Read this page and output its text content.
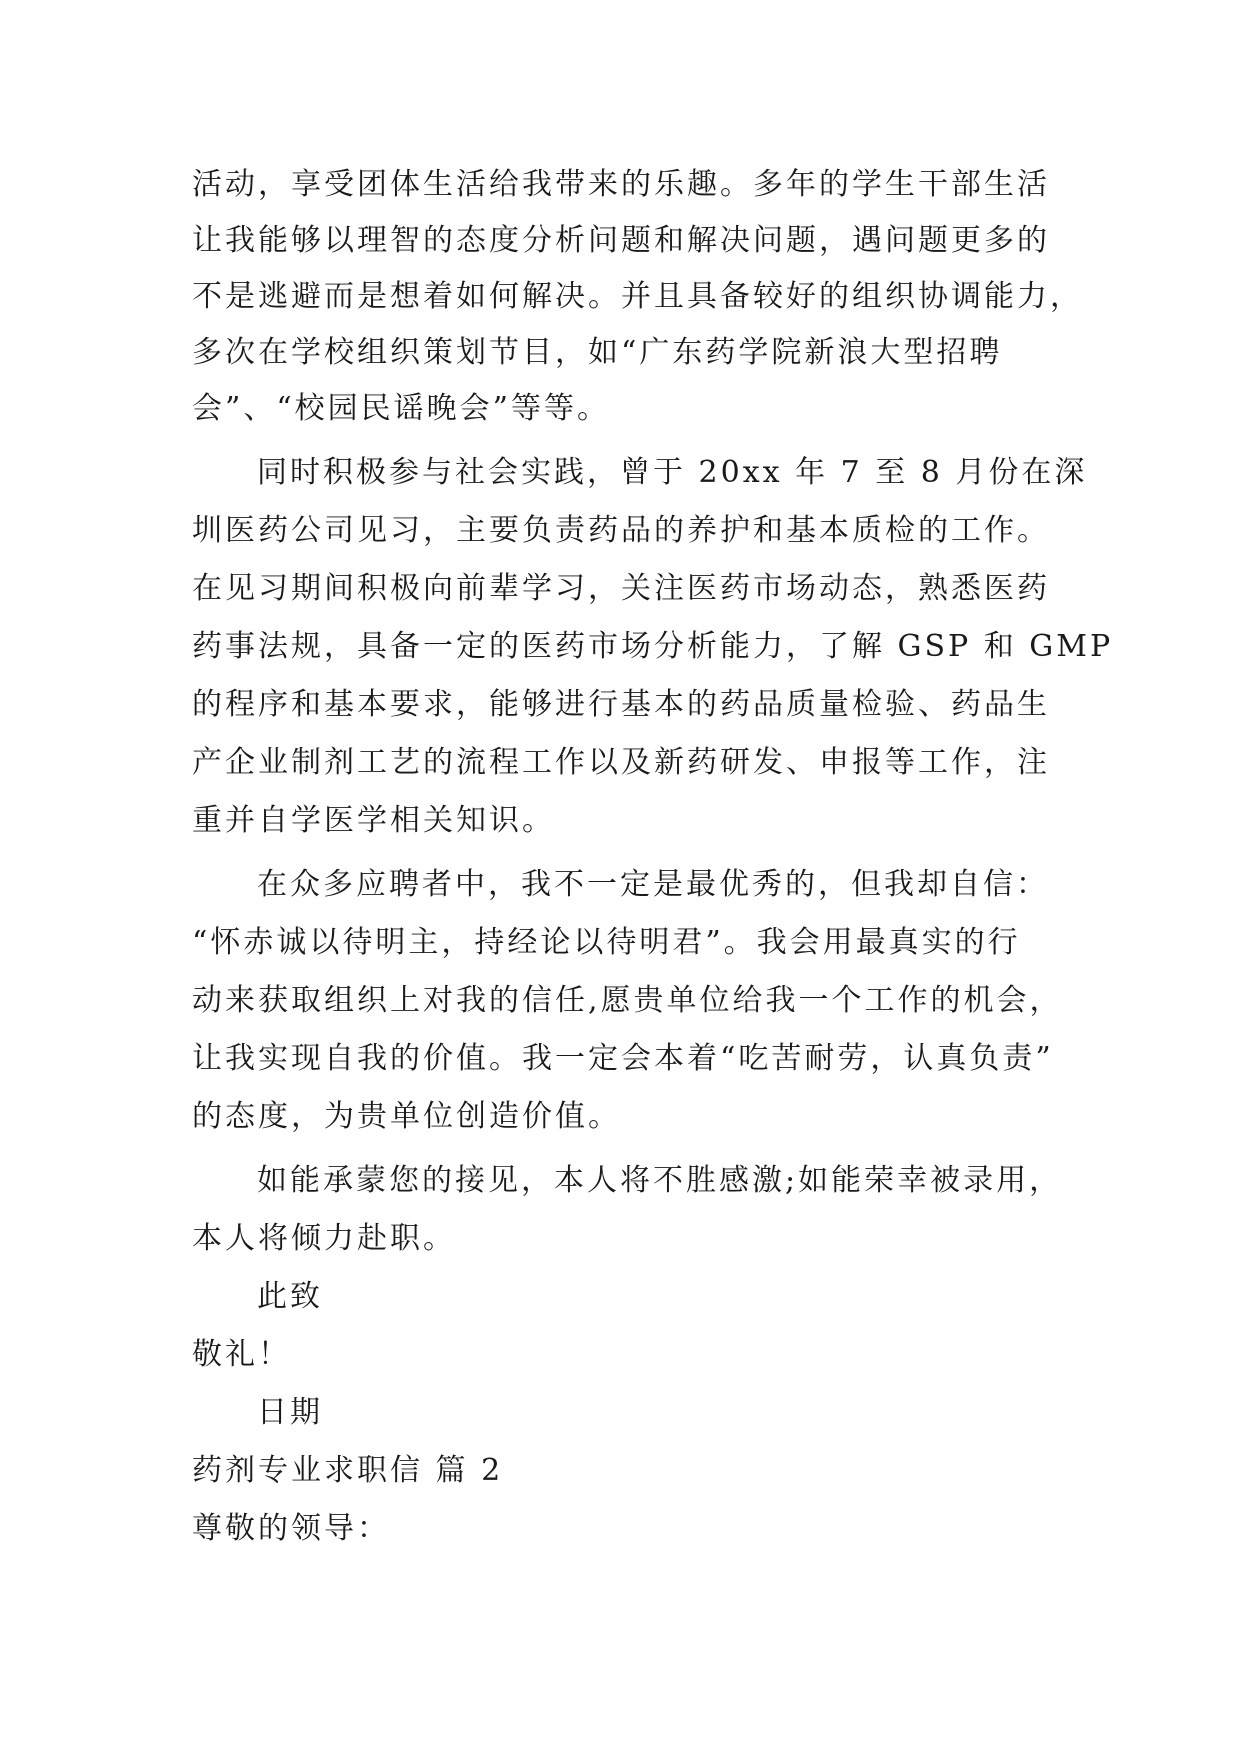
活动，享受团体生活给我带来的乐趣。多年的学生干部生活
让我能够以理智的态度分析问题和解决问题，遇问题更多的
不是逃避而是想着如何解决。并且具备较好的组织协调能力，
多次在学校组织策划节目，如“广东药学院新浪大型招聘
会”、“校园民谣晚会”等等。
同时积极参与社会实践，曾于 20xx 年 7 至 8 月份在深
圳医药公司见习，主要负责药品的养护和基本质检的工作。
在见习期间积极向前辈学习，关注医药市场动态，熟悉医药
药事法规，具备一定的医药市场分析能力，了解 GSP 和 GMP
的程序和基本要求，能够进行基本的药品质量检验、药品生
产企业制剂工艺的流程工作以及新药研发、申报等工作，注
重并自学医学相关知识。
在众多应聘者中，我不一定是最优秀的，但我却自信：
“怀赤诚以待明主，持经论以待明君”。我会用最真实的行
动来获取组织上对我的信任,愿贵单位给我一个工作的机会，
让我实现自我的价值。我一定会本着“吃苦耐劳，认真负责”
的态度，为贵单位创造价值。
如能承蒙您的接见，本人将不胜感激;如能荣幸被录用，
本人将倾力赴职。
此致
敬礼！
日期
药剂专业求职信 篇 2
尊敬的领导：
